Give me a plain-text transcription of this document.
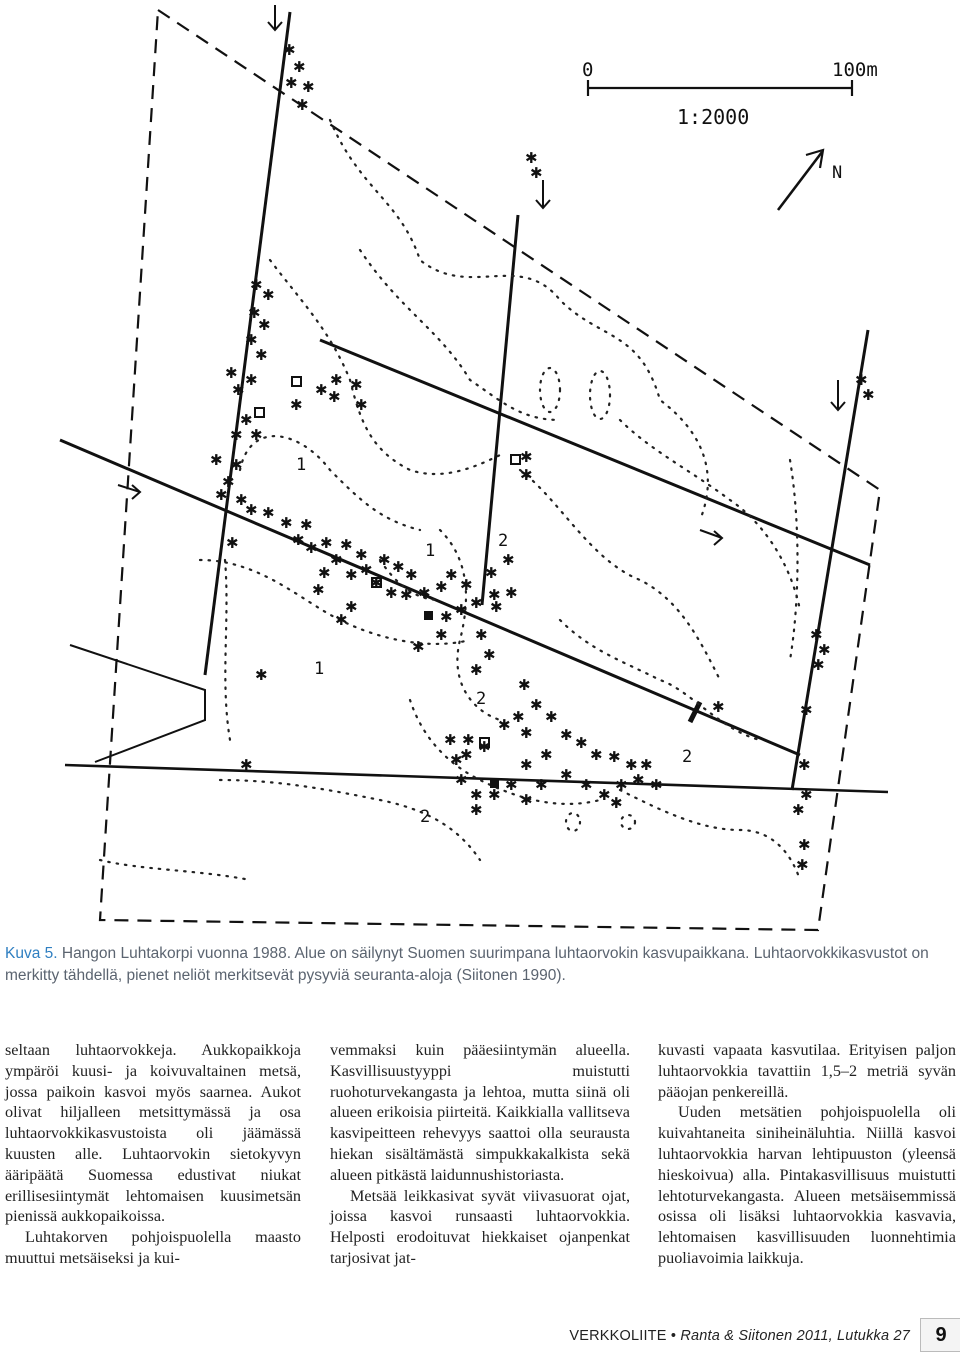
0	100m
1:2000
N
1
1
1
2
2
2
2
✱
✱
✱ ✱
✱
✱
✱
✱
✱
✱
✱
✱ ✱
✱
✱
✱ ✱
✱ ✱
✱
✱ ✱
✱
✱ ✱
✱ ✱
✱ ✱ ✱ ✱
✱
✱
✱ ✱ ✱
✱ ✱ ✱
✱
✱ ✱ ✱ ✱
✱
✱
✱
✱
✱
✱
✱
✱
✱
✱
✱
✱
✱ ✱
✱
✱
✱
✱
✱
✱
✱
✱
✱
✱
✱
✱
✱
✱
✱
✱
✱ ✱
✱
✱ ✱
✱ ✱ ✱ ✱
✱
✱
✱
✱
✱
✱
✱
✱
✱
✱
✱
✱
✱
✱ ✱ ✱
✱
✱
✱
✱
✱
✱
✱
✱
✱
✱
✱
✱
✱
✱
✱
✱
✱
✱
✱
✱
Kuva 5. Hangon Luhtakorpi vuonna 1988. Alue on säilynyt Suomen suurimpana luhtaorvokin kasvupaikkana. Luhtaorvokkikasvustot on merkitty tähdellä, pienet neliöt merkitsevät pysyviä seuranta-aloja (Siitonen 1990).

seltaan luhtaorvokkeja. Aukkopaikkoja ympäröi kuusi- ja koivuvaltainen metsä, jossa paikoin kasvoi myös saarnea. Aukot olivat hiljalleen metsittymässä ja osa luhtaorvokkikasvustoista oli jäämässä kuusten alle. Luhtaorvokin sietokyvyn ääripäätä Suomessa edustivat niukat erillisesiintymät lehtomaisen kuusimetsän pienissä aukkopaikoissa.

Luhtakorven pohjoispuolella maasto muuttui metsäiseksi ja kui-

vemmaksi kuin pääesiintymän alueella. Kasvillisuustyyppi muistutti ruohoturvekangasta ja lehtoa, mutta siinä oli alueen erikoisia piirteitä. Kaikkialla vallitseva kasvipeitteen rehevyys saattoi olla seurausta hiekan sisältämästä simpukkakalkista sekä alueen pitkästä laidunnushistoriasta.

Metsää leikkasivat syvät viivasuorat ojat, joissa kasvoi runsaasti luhtaorvokkia. Helposti erodoituvat hiekkaiset ojanpenkat tarjosivat jat-

kuvasti vapaata kasvutilaa. Erityisen paljon luhtaorvokkia tavattiin 1,5–2 metriä syvän pääojan penkereillä.

Uuden metsätien pohjoispuolella oli kuivahtaneita sinihеinäluhtia. Niillä kasvoi luhtaorvokkia harvan lehtipuuston (yleensä hieskoivua) alla. Pintakasvillisuus muistutti lehtoturvekangasta. Alueen metsäisemmissä osissa oli lisäksi luhtaorvokkia kasvavia, lehtomaisen kasvillisuuden luonnehtimia puoliavoimia laikkuja.

VERKKOLIITE • Ranta & Siitonen 2011, Lutukka 27	9
